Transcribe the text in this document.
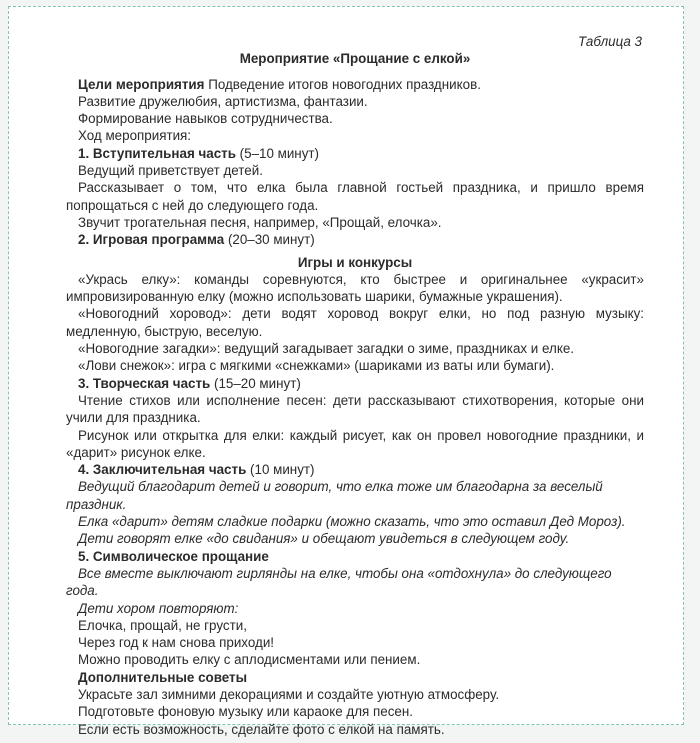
Таблица 3

Мероприятие «Прощание с елкой»

Цели мероприятия Подведение итогов новогодних праздников.

Развитие дружелюбия, артистизма, фантазии.

Формирование навыков сотрудничества.

Ход мероприятия:

1. Вступительная часть (5–10 минут)

Ведущий приветствует детей.

Рассказывает о том, что елка была главной гостьей праздника, и пришло время попрощаться с ней до следующего года.

Звучит трогательная песня, например, «Прощай, елочка».

2. Игровая программа (20–30 минут)

Игры и конкурсы

«Укрась елку»: команды соревнуются, кто быстрее и оригинальнее «украсит» импровизированную елку (можно использовать шарики, бумажные украшения).

«Новогодний хоровод»: дети водят хоровод вокруг елки, но под разную музыку: медленную, быструю, веселую.

«Новогодние загадки»: ведущий загадывает загадки о зиме, праздниках и елке.

«Лови снежок»: игра с мягкими «снежками» (шариками из ваты или бумаги).

3. Творческая часть (15–20 минут)

Чтение стихов или исполнение песен: дети рассказывают стихотворения, которые они учили для праздника.

Рисунок или открытка для елки: каждый рисует, как он провел новогодние праздники, и «дарит» рисунок елке.

4. Заключительная часть (10 минут)

Ведущий благодарит детей и говорит, что елка тоже им благодарна за веселый праздник.

Елка «дарит» детям сладкие подарки (можно сказать, что это оставил Дед Мороз).

Дети говорят елке «до свидания» и обещают увидеться в следующем году.

5. Символическое прощание

Все вместе выключают гирлянды на елке, чтобы она «отдохнула» до следующего года.

Дети хором повторяют:

Елочка, прощай, не грусти,

Через год к нам снова приходи!

Можно проводить елку с аплодисментами или пением.

Дополнительные советы

Украсьте зал зимними декорациями и создайте уютную атмосферу.

Подготовьте фоновую музыку или караоке для песен.

Если есть возможность, сделайте фото с елкой на память.
